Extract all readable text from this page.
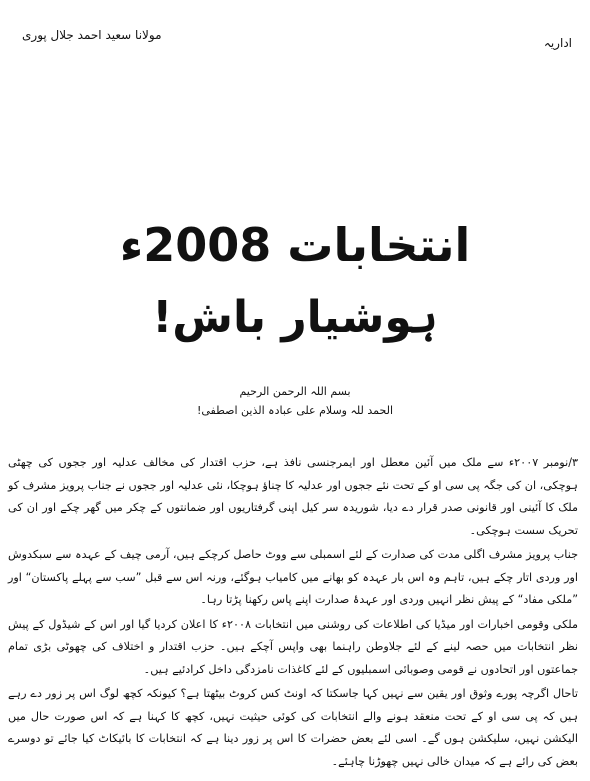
مولانا سعید احمد جلال پوری
اداریہ
انتخابات 2008ء
ہوشیار باش!
بسم اللہ الرحمن الرحیم
الحمد للہ وسلام علی عبادہ الذین اصطفی!

۳/نومبر ۲۰۰۷ء سے ملک میں آئین معطل اور ایمرجنسی نافذ ہے، حزب اقتدار کی مخالف عدلیہ اور ججوں کی چھٹی ہوچکی، ان کی جگہ پی سی او کے تحت نئے ججوں اور عدلیہ کا چناؤ ہوچکا، نئی عدلیہ اور ججوں نے جناب پرویز مشرف کو ملک کا آئینی اور قانونی صدر قرار دے دیا، شوریدہ سر کیل اپنی گرفتاریوں اور ضمانتوں کے چکر میں گھر چکے اور ان کی تحریک سست ہوچکی۔

جناب پرویز مشرف اگلی مدت کی صدارت کے لئے اسمبلی سے ووٹ حاصل کرچکے ہیں، آرمی چیف کے عہدہ سے سبکدوش اور وردی اتار چکے ہیں، تاہم وہ اس بار عہدہ کو بھانے میں کامیاب ہوگئے، ورنہ اس سے قبل ”سب سے پہلے پاکستان“ اور ”ملکی مفاد“ کے پیش نظر انہیں وردی اور عہدۂ صدارت اپنے پاس رکھنا پڑتا رہا۔

ملکی وقومی اخبارات اور میڈیا کی اطلاعات کی روشنی میں انتخابات ۲۰۰۸ء کا اعلان کردیا گیا اور اس کے شیڈول کے پیش نظر انتخابات میں حصہ لینے کے لئے جلاوطن راہنما بھی واپس آچکے ہیں۔ حزب اقتدار و اختلاف کی چھوٹی بڑی تمام جماعتوں اور اتحادوں نے قومی وصوبائی اسمبلیوں کے لئے کاغذات نامزدگی داخل کرادئیے ہیں۔

تاحال اگرچہ پورے وثوق اور یقین سے نہیں کہا جاسکتا کہ اونٹ کس کروٹ بیٹھتا ہے؟ کیونکہ کچھ لوگ اس پر زور دے رہے ہیں کہ پی سی او کے تحت منعقد ہونے والے انتخابات کی کوئی حیثیت نہیں، کچھ کا کہنا ہے کہ اس صورت حال میں الیکشن نہیں، سلیکشن ہوں گے۔ اسی لئے بعض حضرات کا اس پر زور دینا ہے کہ انتخابات کا بائیکاٹ کیا جائے تو دوسرے بعض کی رائے ہے کہ میدان خالی نہیں چھوڑنا چاہئے۔
